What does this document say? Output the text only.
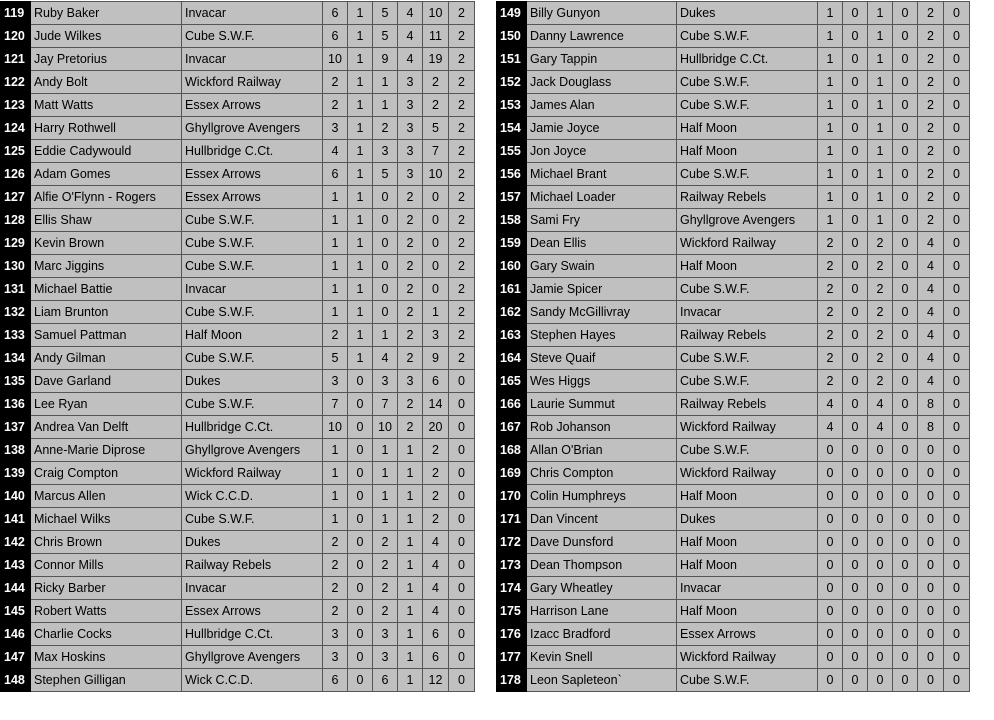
119	Ruby Baker	Invacar	6	1	5	4	10	2
120	Jude Wilkes	Cube S.W.F.	6	1	5	4	11	2
121	Jay Pretorius	Invacar	10	1	9	4	19	2
122	Andy Bolt	Wickford Railway	2	1	1	3	2	2
123	Matt Watts	Essex Arrows	2	1	1	3	2	2
124	Harry Rothwell	Ghyllgrove Avengers	3	1	2	3	5	2
125	Eddie Cadywould	Hullbridge C.Ct.	4	1	3	3	7	2
126	Adam Gomes	Essex Arrows	6	1	5	3	10	2
127	Alfie O'Flynn - Rogers	Essex Arrows	1	1	0	2	0	2
128	Ellis Shaw	Cube S.W.F.	1	1	0	2	0	2
129	Kevin Brown	Cube S.W.F.	1	1	0	2	0	2
130	Marc Jiggins	Cube S.W.F.	1	1	0	2	0	2
131	Michael Battie	Invacar	1	1	0	2	0	2
132	Liam Brunton	Cube S.W.F.	1	1	0	2	1	2
133	Samuel Pattman	Half Moon	2	1	1	2	3	2
134	Andy Gilman	Cube S.W.F.	5	1	4	2	9	2
135	Dave Garland	Dukes	3	0	3	3	6	0
136	Lee Ryan	Cube S.W.F.	7	0	7	2	14	0
137	Andrea Van Delft	Hullbridge C.Ct.	10	0	10	2	20	0
138	Anne-Marie Diprose	Ghyllgrove Avengers	1	0	1	1	2	0
139	Craig Compton	Wickford Railway	1	0	1	1	2	0
140	Marcus Allen	Wick C.C.D.	1	0	1	1	2	0
141	Michael Wilks	Cube S.W.F.	1	0	1	1	2	0
142	Chris Brown	Dukes	2	0	2	1	4	0
143	Connor Mills	Railway Rebels	2	0	2	1	4	0
144	Ricky Barber	Invacar	2	0	2	1	4	0
145	Robert Watts	Essex Arrows	2	0	2	1	4	0
146	Charlie Cocks	Hullbridge C.Ct.	3	0	3	1	6	0
147	Max Hoskins	Ghyllgrove Avengers	3	0	3	1	6	0
148	Stephen Gilligan	Wick C.C.D.	6	0	6	1	12	0
149	Billy Gunyon	Dukes	1	0	1	0	2	0
150	Danny Lawrence	Cube S.W.F.	1	0	1	0	2	0
151	Gary Tappin	Hullbridge C.Ct.	1	0	1	0	2	0
152	Jack Douglass	Cube S.W.F.	1	0	1	0	2	0
153	James Alan	Cube S.W.F.	1	0	1	0	2	0
154	Jamie Joyce	Half Moon	1	0	1	0	2	0
155	Jon Joyce	Half Moon	1	0	1	0	2	0
156	Michael Brant	Cube S.W.F.	1	0	1	0	2	0
157	Michael Loader	Railway Rebels	1	0	1	0	2	0
158	Sami Fry	Ghyllgrove Avengers	1	0	1	0	2	0
159	Dean Ellis	Wickford Railway	2	0	2	0	4	0
160	Gary Swain	Half Moon	2	0	2	0	4	0
161	Jamie Spicer	Cube S.W.F.	2	0	2	0	4	0
162	Sandy McGillivray	Invacar	2	0	2	0	4	0
163	Stephen Hayes	Railway Rebels	2	0	2	0	4	0
164	Steve Quaif	Cube S.W.F.	2	0	2	0	4	0
165	Wes Higgs	Cube S.W.F.	2	0	2	0	4	0
166	Laurie Summut	Railway Rebels	4	0	4	0	8	0
167	Rob Johanson	Wickford Railway	4	0	4	0	8	0
168	Allan O'Brian	Cube S.W.F.	0	0	0	0	0	0
169	Chris Compton	Wickford Railway	0	0	0	0	0	0
170	Colin Humphreys	Half Moon	0	0	0	0	0	0
171	Dan Vincent	Dukes	0	0	0	0	0	0
172	Dave Dunsford	Half Moon	0	0	0	0	0	0
173	Dean Thompson	Half Moon	0	0	0	0	0	0
174	Gary Wheatley	Invacar	0	0	0	0	0	0
175	Harrison Lane	Half Moon	0	0	0	0	0	0
176	Izacc Bradford	Essex Arrows	0	0	0	0	0	0
177	Kevin Snell	Wickford Railway	0	0	0	0	0	0
178	Leon Sapleteon`	Cube S.W.F.	0	0	0	0	0	0
